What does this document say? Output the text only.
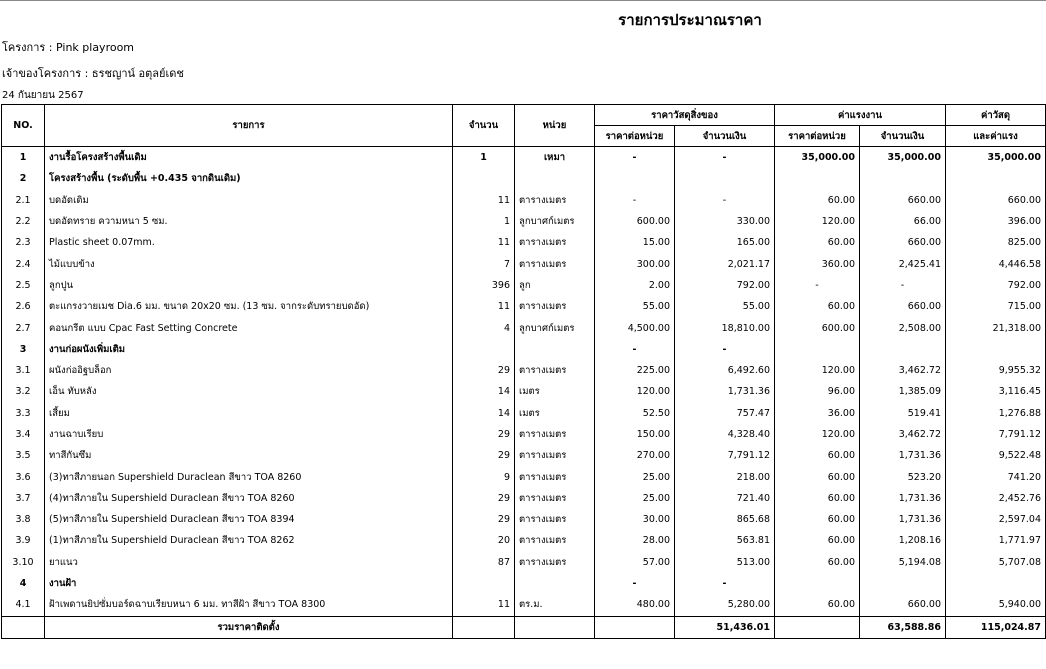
รายการประมาณราคา
โครงการ : Pink playroom
เจ้าของโครงการ : ธรชญาน์ อตุลย์เดช
24 กันยายน 2567
NO.	รายการ	จำนวน	หน่วย	ราคาวัสดุสิ่งของ		ค่าแรงงาน		ค่าวัสดุ
				ราคาต่อหน่วย	จำนวนเงิน	ราคาต่อหน่วย	จำนวนเงิน	และค่าแรง
1	งานรื้อโครงสร้างพื้นเดิม	1	เหมา	-	-	35,000.00	35,000.00	35,000.00
2	โครงสร้างพื้น (ระดับพื้น +0.435 จากดินเดิม)							
2.1	บดอัดเดิม	11	ตารางเมตร	-	-	60.00	660.00	660.00
2.2	บดอัดทราย ความหนา 5 ซม.	1	ลูกบาศก์เมตร	600.00	330.00	120.00	66.00	396.00
2.3	Plastic sheet 0.07mm.	11	ตารางเมตร	15.00	165.00	60.00	660.00	825.00
2.4	ไม้แบบข้าง	7	ตารางเมตร	300.00	2,021.17	360.00	2,425.41	4,446.58
2.5	ลูกปูน	396	ลูก	2.00	792.00	-	-	792.00
2.6	ตะแกรงวายเมช Dia.6 มม. ขนาด 20x20 ซม. (13 ซม. จากระดับทรายบดอัด)	11	ตารางเมตร	55.00	55.00	60.00	660.00	715.00
2.7	คอนกรีต แบบ Cpac Fast Setting Concrete	4	ลูกบาศก์เมตร	4,500.00	18,810.00	600.00	2,508.00	21,318.00
3	งานก่อผนังเพิ่มเติม			-	-			
3.1	ผนังก่ออิฐบล็อก	29	ตารางเมตร	225.00	6,492.60	120.00	3,462.72	9,955.32
3.2	เอ็น ทับหลัง	14	เมตร	120.00	1,731.36	96.00	1,385.09	3,116.45
3.3	เสี้ยม	14	เมตร	52.50	757.47	36.00	519.41	1,276.88
3.4	งานฉาบเรียบ	29	ตารางเมตร	150.00	4,328.40	120.00	3,462.72	7,791.12
3.5	ทาสีกันซึม	29	ตารางเมตร	270.00	7,791.12	60.00	1,731.36	9,522.48
3.6	(3)ทาสีภายนอก Supershield Duraclean สีขาว TOA 8260	9	ตารางเมตร	25.00	218.00	60.00	523.20	741.20
3.7	(4)ทาสีภายใน Supershield Duraclean สีขาว TOA 8260	29	ตารางเมตร	25.00	721.40	60.00	1,731.36	2,452.76
3.8	(5)ทาสีภายใน Supershield Duraclean สีขาว TOA 8394	29	ตารางเมตร	30.00	865.68	60.00	1,731.36	2,597.04
3.9	(1)ทาสีภายใน Supershield Duraclean สีขาว TOA 8262	20	ตารางเมตร	28.00	563.81	60.00	1,208.16	1,771.97
3.10	ยาแนว	87	ตารางเมตร	57.00	513.00	60.00	5,194.08	5,707.08
4	งานฝ้า			-	-			
4.1	ฝ้าเพดานยิปซั่มบอร์ดฉาบเรียบหนา 6 มม. ทาสีฝ้า สีขาว TOA 8300	11	ตร.ม.	480.00	5,280.00	60.00	660.00	5,940.00
	รวมราคาติดตั้ง				51,436.01		63,588.86	115,024.87
